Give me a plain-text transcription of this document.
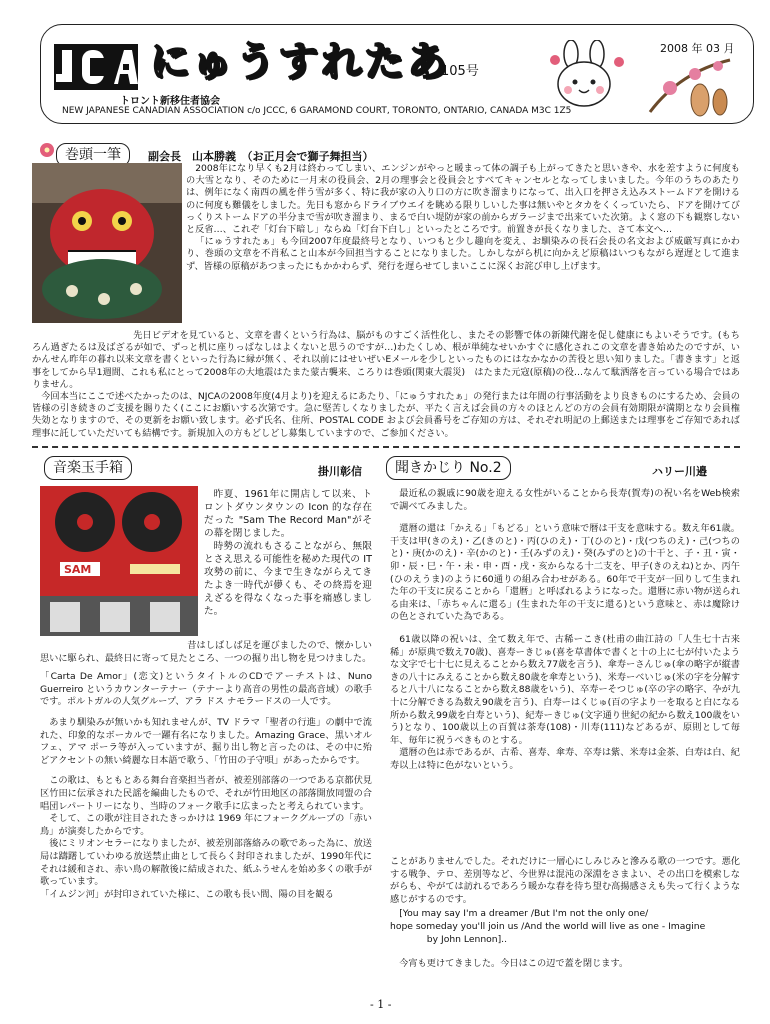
にゅうすれたあ
105号
2008 年 03 月
トロント新移住者協会
NEW JAPANESE CANADIAN ASSOCIATION c/o JCCC, 6 GARAMOND COURT, TORONTO, ONTARIO, CANADA M3C 1Z5
巻頭一筆	副会長　山本勝義　（お正月会で獅子舞担当）

2008年になり早くも2月は終わってしまい、エンジンがやっと暖まって体の調子も上がってきたと思いきや、水を差すように何度もの大雪となり、そのために一月末の役員会、2月の理事会と役員会とすべてキャンセルとなってしまいました。今年のうちのあたりは、例年になく南西の風を伴う雪が多く、特に我が家の入り口の方に吹き溜まりになって、出入口を押さえ込みストームドアを開けるのに何度も難儀をしました。先日も窓からドライブウエイを眺める限りしいした事は無いやとタカをくくっていたら、ドアを開けてびっくりストームドアの半分まで雪が吹き溜まり、まるで白い堤防が家の前からガラージまで出来ていた次第。よく窓の下も観察しないと反省…、これぞ「灯台下暗し」ならぬ「灯台下白し」といったところです。前置きが長くなりました、さて本文へ…

「にゅうすれたぁ」も今回2007年度最終号となり、いつもと少し趣向を変え、お馴染みの長石会長の名文および威厳写真にかわり、巻頭の文章を不肖私こと山本が今回担当することになりました。しかしながら机に向かえど原稿はいつもながら遅遅として進まず、皆様の原稿があつまったにもかかわらず、発行を遅らせてしまいここに深くお詫び申し上げます。

先日ビデオを見ていると、文章を書くという行為は、脳がものすごく活性化し、またその影響で体の新陳代謝を促し健康にもよいそうです。(もちろん過ぎたるは及ばざるが如で、ずっと机に座りっぱなしはよくないと思うのですが…)わたくしめ、根が単純なせいかすぐに感化されこの文章を書き始めたのですが、いかんせん昨年の暮れ以来文章を書くといった行為に縁が無く、それ以前にはせいぜいEメールを少しといったものにはなかなかの苦役と思い知りました。「書きます」と返事をしてから早1週間、これも私にとって2008年の大地震はたまた蒙古襲来、ころりは巻頭(関東大震災)　はたまた元寇(原稿)の役…なんて駄洒落を言っている場合ではありません。

今回本当にここで述べたかったのは、NJCAの2008年度(4月より)を迎えるにあたり、「にゅうすれたぁ」の発行または年間の行事活動をより良きものにするため、会員の皆様の引き続きのご支援を賜りたく(ここにお願いする次第です。急に堅苦しくなりましたが、平たく言えば会員の方々のほとんどの方の会員有効期限が満期となり会員権失効となりますので、その更新をお願い致します。必ず氏名、住所、POSTAL CODE および会員番号をご存知の方は、それぞれ明記の上郵送または理事をご存知であれば理事に託していただいても結構です。新規加入の方もどしどし募集していますので、ご参加ください。

音楽玉手箱	掛川彰信
SAM

昨夏、1961年に開店して以来、トロントダウンタウンの Icon 的な存在だった "Sam The Record Man"がその幕を閉じました。

時勢の流れもさることながら、無限とさえ思える可能性を秘めた現代の IT 攻勢の前に、今まで生きながらえてきたよき一時代が儚くも、その終焉を迎えざるを得なくなった事を痛感しました。

昔はしばしば足を運びましたので、懐かしい思いに駆られ、最終日に寄って見たところ、一つの掘り出し物を見つけました。

「Carta De Amor」(恋文)というタイトルのCDでアーチストは、Nuno Guerreiro というカウンターテナー（テナーより高音の男性の最高音域）の歌手です。ポルトガルの人気グループ、アラ ドス ナモラードスの一人です。

あまり馴染みが無いかも知れませんが、TV ドラマ「聖者の行進」の劇中で流れた、印象的なボーカルで一躍有名になりました。Amazing Grace、黒いオルフェ、アマ ポーラ等が入っていますが、掘り出し物と言ったのは、その中に殆どアクセントの無い綺麗な日本語で歌う、「竹田の子守唄」があったからです。

この歌は、もともとある舞台音楽担当者が、被差別部落の一つである京都伏見区竹田に伝承された民謡を編曲したもので、それが竹田地区の部落開放同盟の合唱団レパートリーになり、当時のフォーク歌手に広まったと考えられています。

そして、この歌が注目されたきっかけは 1969 年にフォークグループの「赤い鳥」が演奏したからです。

後にミリオンセラーになりましたが、被差別部落絡みの歌であった為に、放送局は躊躇していわゆる放送禁止曲として長らく封印されましたが、1990年代にそれは緩和され、赤い鳥の解散後に結成された、紙ふうせんを始め多くの歌手が歌っています。

「イムジン河」が封印されていた様に、この歌も長い間、陽の目を観る

聞きかじり No.2	ハリー川邉

最近私の親戚に90歳を迎える女性がいることから長寿(賀寿)の祝い名をWeb検索で調べてみました。

還暦の還は「かえる」「もどる」という意味で暦は干支を意味する。数え年61歳。干支は甲(きのえ)・乙(きのと)・丙(ひのえ)・丁(ひのと)・戊(つちのえ)・己(つちのと)・庚(かのえ)・辛(かのと)・壬(みずのえ)・癸(みずのと)の十干と、子・丑・寅・卯・辰・巳・午・未・申・酉・戌・亥からなる十二支を、甲子(きのえね)とか、丙午(ひのえうま)のように60通りの組み合わせがある。60年で干支が一回りして生まれた年の干支に戻ることから「還暦」と呼ばれるようになった。還暦に赤い物が送られる由来は、「赤ちゃんに還る」(生まれた年の干支に還る)という意味と、赤は魔除けの色とされていた為である。

61歳以降の祝いは、全て数え年で、古稀ーこき(杜甫の曲江詩の「人生七十古来稀」が原典で数え70歳)、喜寿ーきじゅ(喜を草書体で書くと十の上に七が付いたような文字で七十七に見えることから数え77歳を言う)、傘寿ーさんじゅ(傘の略字が縦書きの八十にみえることから数え80歳を傘寿という)、米寿ーべいじゅ(米の字を分解すると八十八になることから数え88歳をいう)、卒寿ーそつじゅ(卒の字の略字、卆が九十に分解できる為数え90歳を言う)、白寿ーはくじゅ(百の字より一を取ると白になる所から数え99歳を白寿という)、紀寿ーきじゅ(文字通り世紀の紀から数え100歳をいう)となり、100歳以上の百賀は茶寿(108)・川寿(111)などあるが、原則として毎年、毎年に祝うべきものとする。

還暦の色は赤であるが、古希、喜寿、傘寿、卒寿は紫、米寿は金茶、白寿は白、紀寿以上は特に色がないという。

ことがありませんでした。それだけに一層心にしみじみと滲みる歌の一つです。悪化する戦争、テロ、差別等など、今世界は混沌の深淵をさまよい、その出口を模索しながらも、やがては訪れるであろう暖かな春を待ち望む高揚感さえも失って行くような感じがするのです。

[You may say I'm a dreamer /But I'm not the only one/

hope someday you'll join us /And the world will live as one - Imagine

by John Lennon]..

今宵も更けてきました。今日はこの辺で蓋を閉じます。

- 1 -
